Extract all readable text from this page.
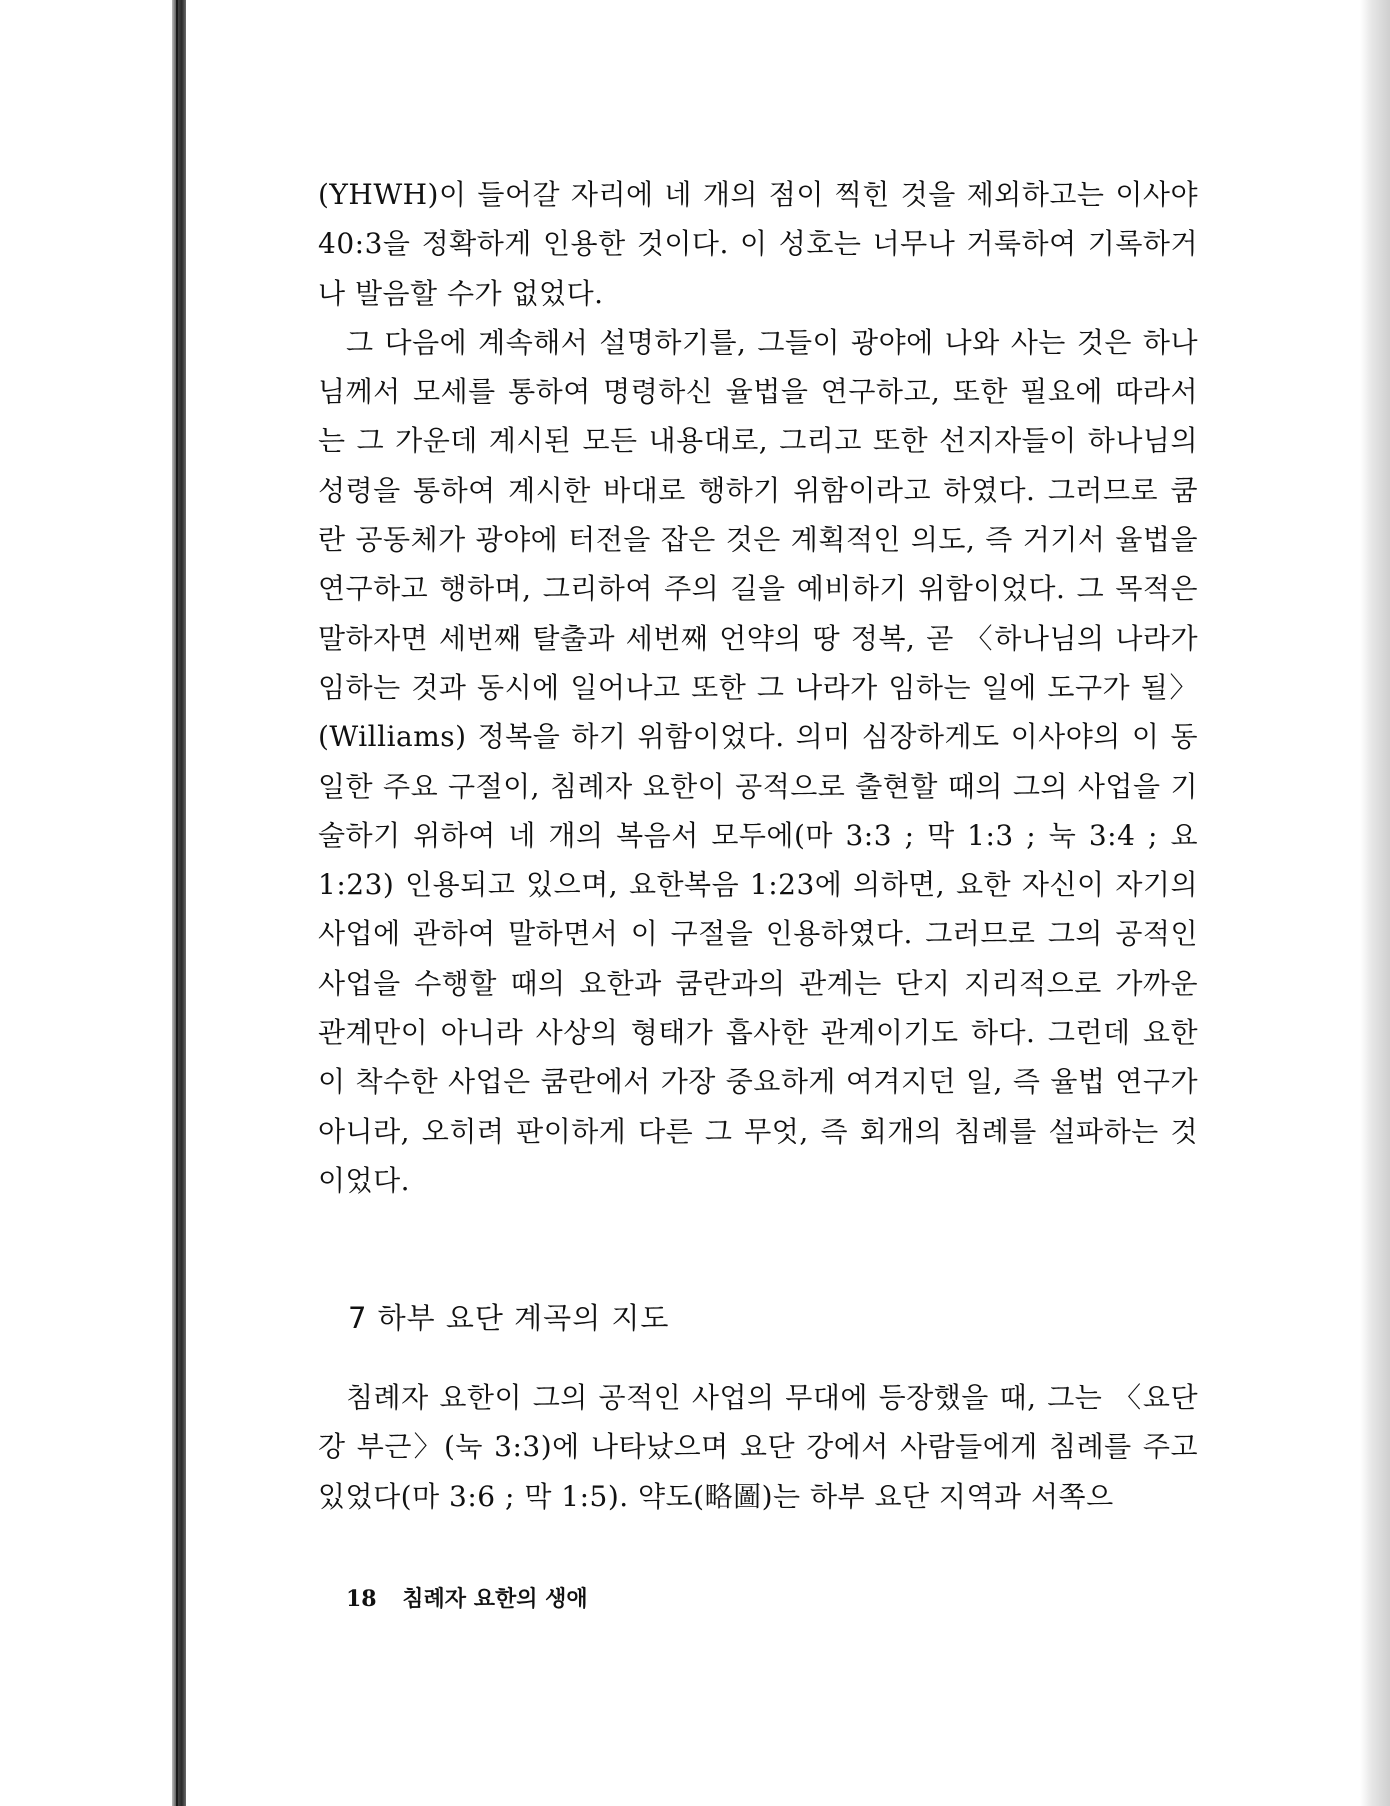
(YHWH)이 들어갈 자리에 네 개의 점이 찍힌 것을 제외하고는 이사야 40:3을 정확하게 인용한 것이다. 이 성호는 너무나 거룩하여 기록하거나 발음할 수가 없었다.

그 다음에 계속해서 설명하기를, 그들이 광야에 나와 사는 것은 하나님께서 모세를 통하여 명령하신 율법을 연구하고, 또한 필요에 따라서는 그 가운데 계시된 모든 내용대로, 그리고 또한 선지자들이 하나님의 성령을 통하여 계시한 바대로 행하기 위함이라고 하였다. 그러므로 쿰란 공동체가 광야에 터전을 잡은 것은 계획적인 의도, 즉 거기서 율법을 연구하고 행하며, 그리하여 주의 길을 예비하기 위함이었다. 그 목적은 말하자면 세번째 탈출과 세번째 언약의 땅 정복, 곧 〈하나님의 나라가 임하는 것과 동시에 일어나고 또한 그 나라가 임하는 일에 도구가 될〉(Williams) 정복을 하기 위함이었다. 의미 심장하게도 이사야의 이 동일한 주요 구절이, 침례자 요한이 공적으로 출현할 때의 그의 사업을 기술하기 위하여 네 개의 복음서 모두에(마 3:3 ; 막 1:3 ; 눅 3:4 ; 요 1:23) 인용되고 있으며, 요한복음 1:23에 의하면, 요한 자신이 자기의 사업에 관하여 말하면서 이 구절을 인용하였다. 그러므로 그의 공적인 사업을 수행할 때의 요한과 쿰란과의 관계는 단지 지리적으로 가까운 관계만이 아니라 사상의 형태가 흡사한 관계이기도 하다. 그런데 요한이 착수한 사업은 쿰란에서 가장 중요하게 여겨지던 일, 즉 율법 연구가 아니라, 오히려 판이하게 다른 그 무엇, 즉 회개의 침례를 설파하는 것이었다.

7 하부 요단 계곡의 지도

침례자 요한이 그의 공적인 사업의 무대에 등장했을 때, 그는 〈요단 강 부근〉(눅 3:3)에 나타났으며 요단 강에서 사람들에게 침례를 주고 있었다(마 3:6 ; 막 1:5). 약도(略圖)는 하부 요단 지역과 서쪽으

18 침례자 요한의 생애
